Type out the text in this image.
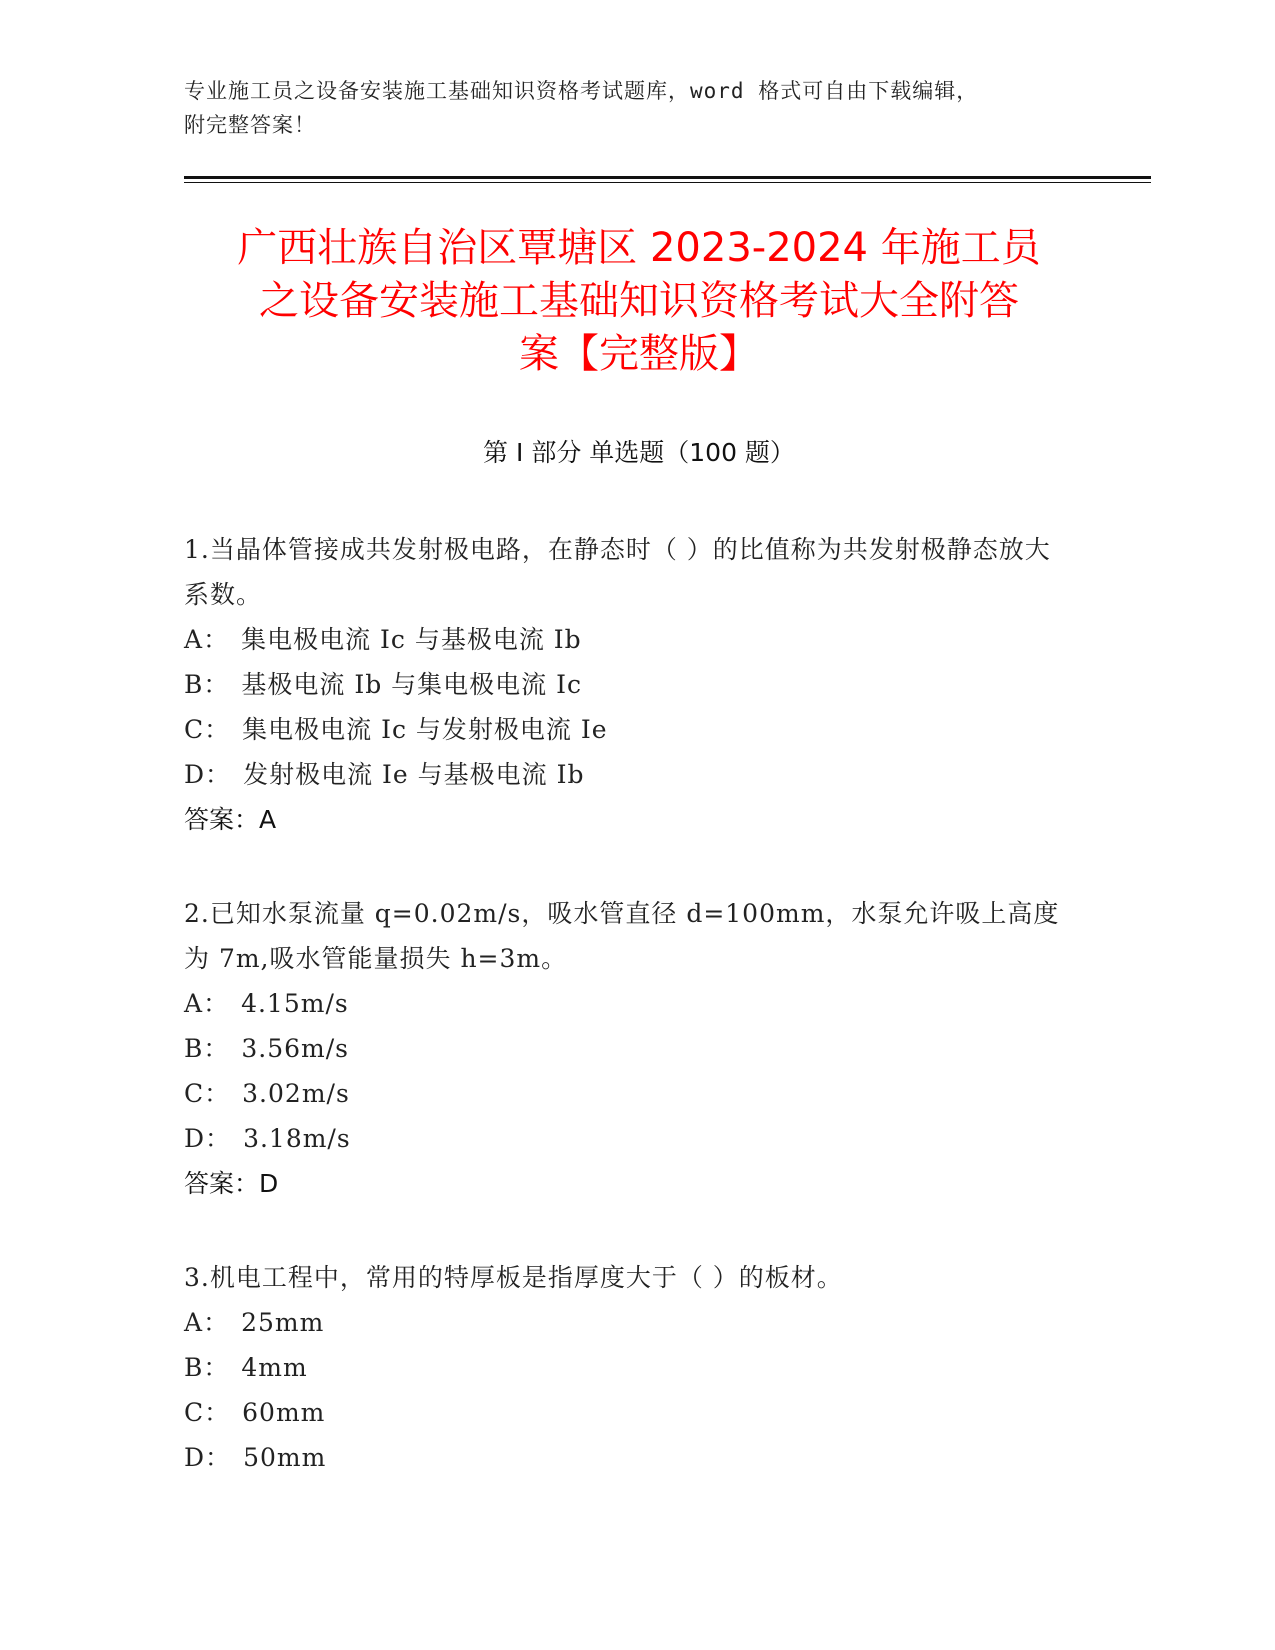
专业施工员之设备安装施工基础知识资格考试题库，word 格式可自由下载编辑，
附完整答案！
广西壮族自治区覃塘区 2023-2024 年施工员
之设备安装施工基础知识资格考试大全附答
案【完整版】
第 I 部分 单选题（100 题）

1.当晶体管接成共发射极电路，在静态时（ ）的比值称为共发射极静态放大系数。

A： 集电极电流 Ic 与基极电流 Ib

B： 基极电流 Ib 与集电极电流 Ic

C： 集电极电流 Ic 与发射极电流 Ie

D： 发射极电流 Ie 与基极电流 Ib

答案：A

2.已知水泵流量 q=0.02m/s，吸水管直径 d=100mm，水泵允许吸上高度为 7m,吸水管能量损失 h=3m。

A： 4.15m/s

B： 3.56m/s

C： 3.02m/s

D： 3.18m/s

答案：D

3.机电工程中，常用的特厚板是指厚度大于（ ）的板材。

A： 25mm

B： 4mm

C： 60mm

D： 50mm
